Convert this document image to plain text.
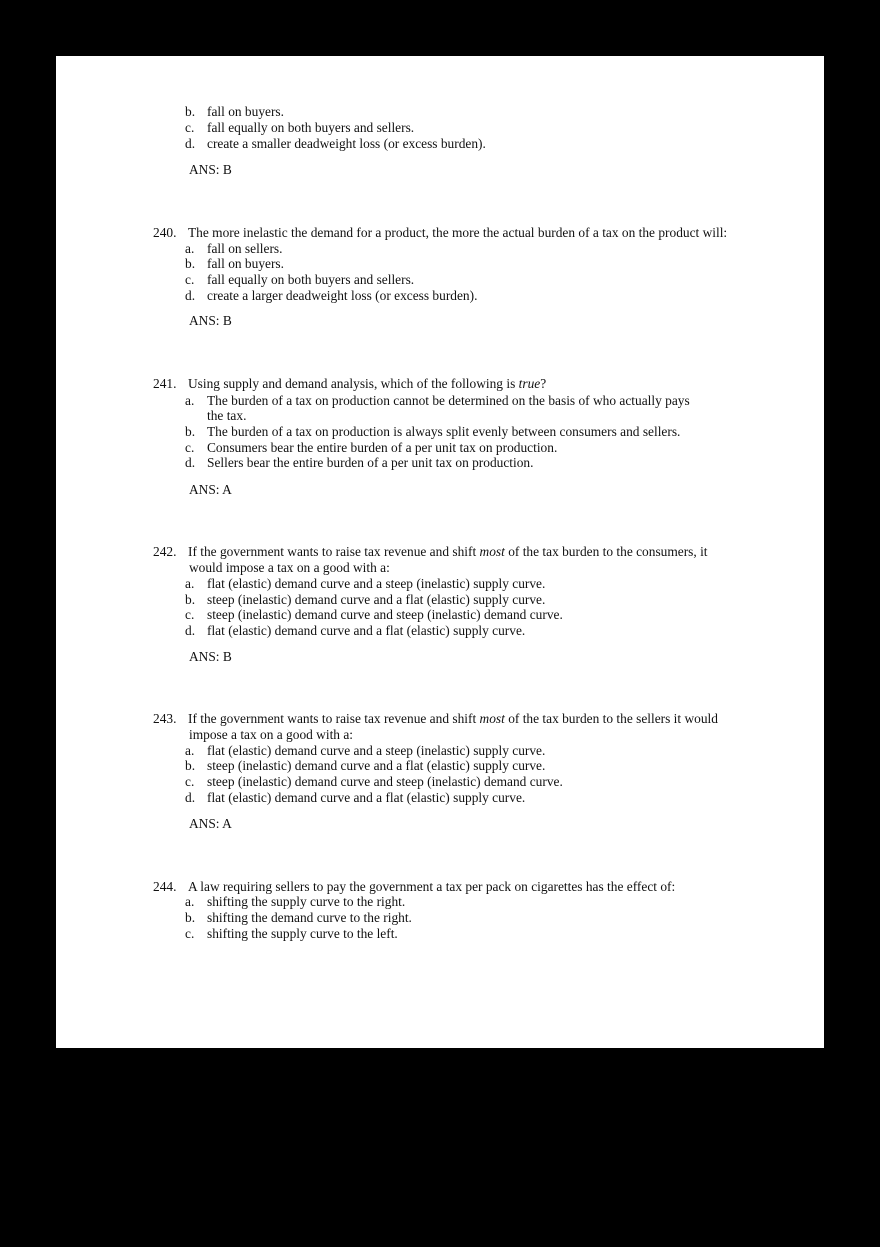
b. fall on buyers.
c. fall equally on both buyers and sellers.
d. create a smaller deadweight loss (or excess burden).
ANS: B
240. The more inelastic the demand for a product, the more the actual burden of a tax on the product will:
a. fall on sellers.
b. fall on buyers.
c. fall equally on both buyers and sellers.
d. create a larger deadweight loss (or excess burden).
ANS: B
241. Using supply and demand analysis, which of the following is true?
a. The burden of a tax on production cannot be determined on the basis of who actually pays
the tax.
b. The burden of a tax on production is always split evenly between consumers and sellers.
c. Consumers bear the entire burden of a per unit tax on production.
d. Sellers bear the entire burden of a per unit tax on production.
ANS: A
242. If the government wants to raise tax revenue and shift most of the tax burden to the consumers, it
would impose a tax on a good with a:
a. flat (elastic) demand curve and a steep (inelastic) supply curve.
b. steep (inelastic) demand curve and a flat (elastic) supply curve.
c. steep (inelastic) demand curve and steep (inelastic) demand curve.
d. flat (elastic) demand curve and a flat (elastic) supply curve.
ANS: B
243. If the government wants to raise tax revenue and shift most of the tax burden to the sellers it would
impose a tax on a good with a:
a. flat (elastic) demand curve and a steep (inelastic) supply curve.
b. steep (inelastic) demand curve and a flat (elastic) supply curve.
c. steep (inelastic) demand curve and steep (inelastic) demand curve.
d. flat (elastic) demand curve and a flat (elastic) supply curve.
ANS: A
244. A law requiring sellers to pay the government a tax per pack on cigarettes has the effect of:
a. shifting the supply curve to the right.
b. shifting the demand curve to the right.
c. shifting the supply curve to the left.
